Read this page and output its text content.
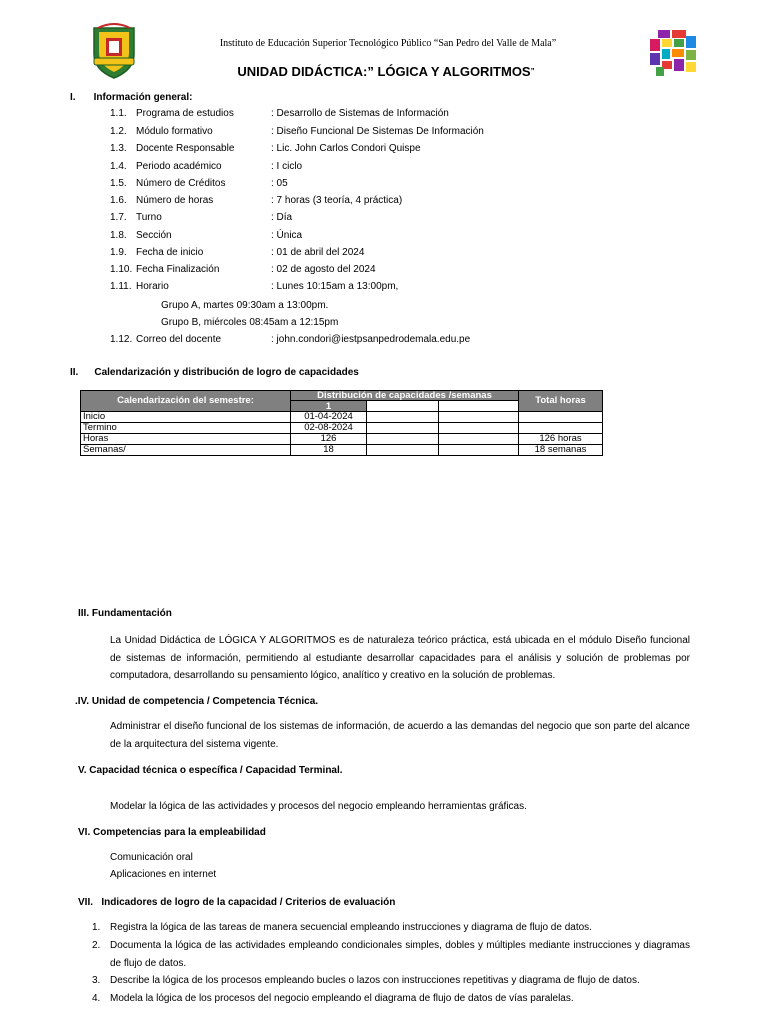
Instituto de Educación Superior Tecnológico Público “San Pedro del Valle de Mala”
UNIDAD DIDÁCTICA:” LÓGICA Y ALGORITMOS”
I. Información general:
1.1. Programa de estudios	: Desarrollo de Sistemas de Información
1.2. Módulo formativo	: Diseño Funcional De Sistemas De Información
1.3. Docente Responsable	: Lic. John Carlos Condori Quispe
1.4. Periodo académico	: I ciclo
1.5. Número de Créditos	: 05
1.6. Número de horas	: 7 horas (3 teoría, 4 práctica)
1.7. Turno	: Día
1.8. Sección	: Única
1.9. Fecha de inicio	: 01 de abril del 2024
1.10. Fecha Finalización	: 02 de agosto del 2024
1.11. Horario	: Lunes 10:15am a 13:00pm,
1.12. Correo del docente	: john.condori@iestpsanpedrodemala.edu.pe
Grupo A, martes 09:30am a 13:00pm.
Grupo B, miércoles 08:45am a 12:15pm
II. Calendarización y distribución de logro de capacidades
Calendarización del semestre:	Distribución de capacidades /semanas			Total horas
	1			
Inicio	01-04-2024			
Termino	02-08-2024			
Horas	126			126 horas
Semanas/	18			18 semanas
III. Fundamentación
La Unidad Didáctica de LÓGICA Y ALGORITMOS es de naturaleza teórico práctica, está ubicada en el módulo Diseño funcional de sistemas de información, permitiendo al estudiante desarrollar capacidades para el análisis y solución de problemas por computadora, desarrollando su pensamiento lógico, analítico y creativo en la solución de problemas.
.IV. Unidad de competencia / Competencia Técnica.
Administrar el diseño funcional de los sistemas de información, de acuerdo a las demandas del negocio que son parte del alcance de la arquitectura del sistema vigente.
V. Capacidad técnica o específica / Capacidad Terminal.
Modelar la lógica de las actividades y procesos del negocio empleando herramientas gráficas.
VI. Competencias para la empleabilidad
Comunicación oral
Aplicaciones en internet
VII.   Indicadores de logro de la capacidad / Criterios de evaluación
1. Registra la lógica de las tareas de manera secuencial empleando instrucciones y diagrama de flujo de datos.
2. Documenta la lógica de las actividades empleando condicionales simples, dobles y múltiples mediante instrucciones y diagramas de flujo de datos.
3. Describe la lógica de los procesos empleando bucles o lazos con instrucciones repetitivas y diagrama de flujo de datos.
4. Modela la lógica de los procesos del negocio empleando el diagrama de flujo de datos de vías paralelas.
